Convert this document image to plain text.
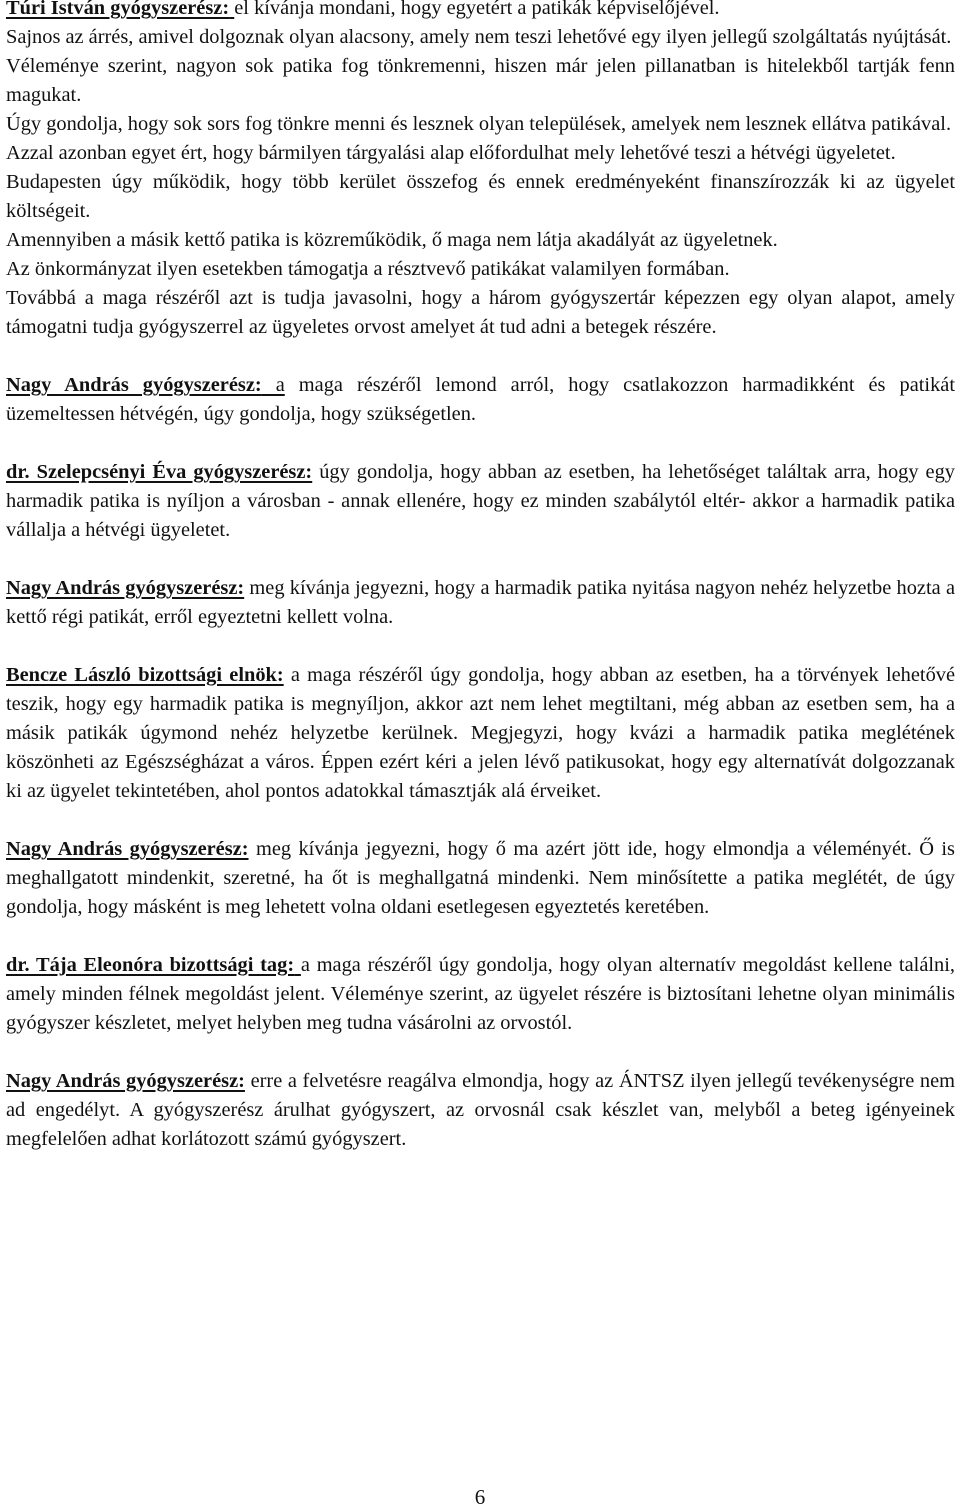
Túri István gyógyszerész: el kívánja mondani, hogy egyetért a patikák képviselőjével.

Sajnos az árrés, amivel dolgoznak olyan alacsony, amely nem teszi lehetővé egy ilyen jellegű szolgáltatás nyújtását.

Véleménye szerint, nagyon sok patika fog tönkremenni, hiszen már jelen pillanatban is hitelekből tartják fenn magukat.

Úgy gondolja, hogy sok sors fog tönkre menni és lesznek olyan települések, amelyek nem lesznek ellátva patikával.

Azzal azonban egyet ért, hogy bármilyen tárgyalási alap előfordulhat mely lehetővé teszi a hétvégi ügyeletet.

Budapesten úgy működik, hogy több kerület összefog és ennek eredményeként finanszírozzák ki az ügyelet költségeit.

Amennyiben a másik kettő patika is közreműködik, ő maga nem látja akadályát az ügyeletnek.

Az önkormányzat ilyen esetekben támogatja a résztvevő patikákat valamilyen formában.

Továbbá a maga részéről azt is tudja javasolni, hogy a három gyógyszertár képezzen egy olyan alapot, amely támogatni tudja gyógyszerrel az ügyeletes orvost amelyet át tud adni a betegek részére.

Nagy András gyógyszerész: a maga részéről lemond arról, hogy csatlakozzon harmadikként és patikát üzemeltessen hétvégén, úgy gondolja, hogy szükségetlen.

dr. Szelepcsényi Éva gyógyszerész: úgy gondolja, hogy abban az esetben, ha lehetőséget találtak arra, hogy egy harmadik patika is nyíljon a városban - annak ellenére, hogy ez minden szabálytól eltér- akkor a harmadik patika vállalja a hétvégi ügyeletet.

Nagy András gyógyszerész: meg kívánja jegyezni, hogy a harmadik patika nyitása nagyon nehéz helyzetbe hozta a kettő régi patikát, erről egyeztetni kellett volna.

Bencze László bizottsági elnök: a maga részéről úgy gondolja, hogy abban az esetben, ha a törvények lehetővé teszik, hogy egy harmadik patika is megnyíljon, akkor azt nem lehet megtiltani, még abban az esetben sem, ha a másik patikák úgymond nehéz helyzetbe kerülnek. Megjegyzi, hogy kvázi a harmadik patika meglétének köszönheti az Egészségházat a város. Éppen ezért kéri a jelen lévő patikusokat, hogy egy alternatívát dolgozzanak ki az ügyelet tekintetében, ahol pontos adatokkal támasztják alá érveiket.

Nagy András gyógyszerész: meg kívánja jegyezni, hogy ő ma azért jött ide, hogy elmondja a véleményét. Ő is meghallgatott mindenkit, szeretné, ha őt is meghallgatná mindenki. Nem minősítette a patika meglétét, de úgy gondolja, hogy másként is meg lehetett volna oldani esetlegesen egyeztetés keretében.

dr. Tája Eleonóra bizottsági tag: a maga részéről úgy gondolja, hogy olyan alternatív megoldást kellene találni, amely minden félnek megoldást jelent. Véleménye szerint, az ügyelet részére is biztosítani lehetne olyan minimális gyógyszer készletet, melyet helyben meg tudna vásárolni az orvostól.

Nagy András gyógyszerész: erre a felvetésre reagálva elmondja, hogy az ÁNTSZ ilyen jellegű tevékenységre nem ad engedélyt. A gyógyszerész árulhat gyógyszert, az orvosnál csak készlet van, melyből a beteg igényeinek megfelelően adhat korlátozott számú gyógyszert.

6
